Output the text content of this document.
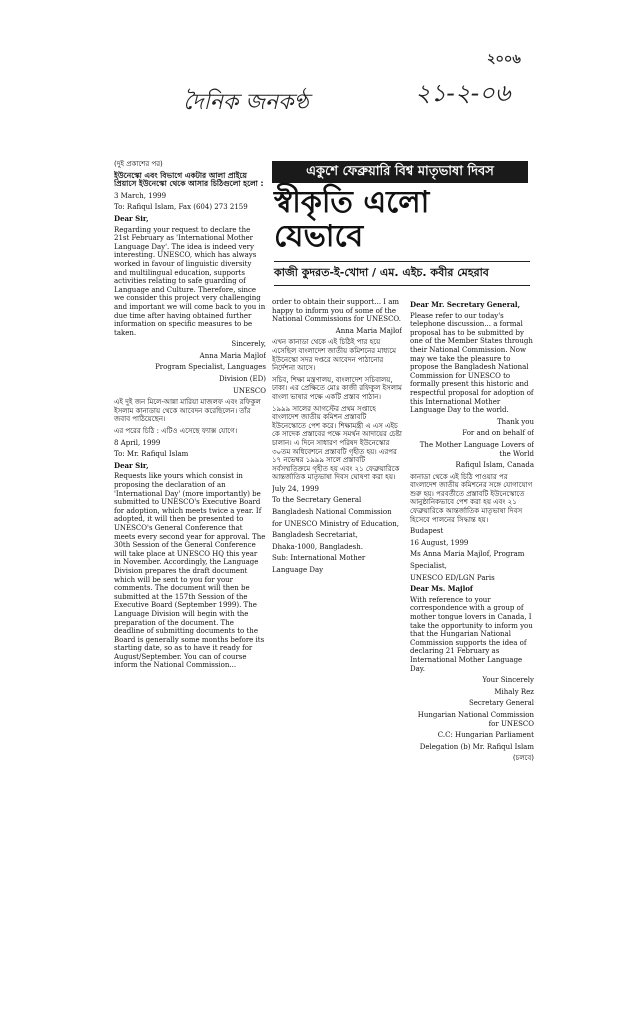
২০০৬
দৈনিক জনকণ্ঠ	২১-২-০৬

(দুই প্রকাশের পর)

ইউনেস্কো এবং বিভাগে একটার আলা প্রাইয়ে প্রিয়াসে ইউনেস্কো থেকে আসার চিঠিগুলো হলো :

3 March, 1999

To: Rafiqul Islam, Fax (604) 273 2159

Dear Sir,

Regarding your request to declare the 21st February as 'International Mother Language Day'. The idea is indeed very interesting. UNESCO, which has always worked in favour of linguistic diversity and multilingual education, supports activities relating to safe guarding of Language and Culture. Therefore, since we consider this project very challenging and important we will come back to you in due time after having obtained further information on specific measures to be taken.

Sincerely,

Anna Maria Majlof

Program Specialist, Languages

Division (ED)

UNESCO

এই দুই জন মিলে-আন্না মারিয়া মাজলফ এবং রফিকুল ইসলাম কানাডায় থেকে আবেদন করেছিলেন। তাঁর জবাব পাঠিয়েছেন।

এর পরের চিঠি : এটিও এসেছে ফ্যাক্স যোগে।

8 April, 1999

To: Mr. Rafiqul Islam

Dear Sir,

Requests like yours which consist in proposing the declaration of an 'International Day' (more importantly) be submitted to UNESCO's Executive Board for adoption, which meets twice a year. If adopted, it will then be presented to UNESCO's General Conference that meets every second year for approval. The 30th Session of the General Conference will take place at UNESCO HQ this year in November. Accordingly, the Language Division prepares the draft document which will be sent to you for your comments. The document will then be submitted at the 157th Session of the Executive Board (September 1999). The Language Division will begin with the preparation of the document. The deadline of submitting documents to the Board is generally some months before its starting date, so as to have it ready for August/September. You can of course inform the National Commission...

একুশে ফেব্রুয়ারি বিশ্ব মাতৃভাষা দিবস
স্বীকৃতি এলো
যেভাবে
কাজী কুদরত-ই-খোদা / এম. এইচ. কবীর মেহরাব

order to obtain their support... I am happy to inform you of some of the National Commissions for UNESCO.

Anna Maria Majlof

এখন কানাডা থেকে এই চিঠিই পার হয়ে এসেছিল বাংলাদেশ জাতীয় কমিশনের মাধ্যমে ইউনেস্কো সদর দপ্তরে আবেদন পাঠানোর নির্দেশনা আসে।

সচিব, শিক্ষা মন্ত্রণালয়, বাংলাদেশ সচিবালয়, ঢাকা। এর প্রেক্ষিতে মোঃ কাজী রফিকুল ইসলাম বাংলা ভাষার পক্ষে একটি প্রস্তাব পাঠান।

১৯৯৯ সালের আগস্টের প্রথম সপ্তাহে বাংলাদেশ জাতীয় কমিশন প্রস্তাবটি ইউনেস্কোতে পেশ করে। শিক্ষামন্ত্রী এ এস এইচ কে সাদেক প্রস্তাবের পক্ষে সমর্থন আদায়ের চেষ্টা চালান। এ দিনে সাধারণ পরিষদ ইউনেস্কোর ৩০তম অধিবেশনে প্রস্তাবটি গৃহীত হয়। এরপর ১৭ নভেম্বর ১৯৯৯ সালে প্রস্তাবটি সর্বসম্মতিক্রমে গৃহীত হয় এবং ২১ ফেব্রুয়ারিকে আন্তর্জাতিক মাতৃভাষা দিবস ঘোষণা করা হয়।

July 24, 1999

To the Secretary General

Bangladesh National Commission

for UNESCO Ministry of Education,

Bangladesh Secretariat,

Dhaka-1000, Bangladesh.

Sub: International Mother

Language Day

Dear Mr. Secretary General,

Please refer to our today's telephone discussion... a formal proposal has to be submitted by one of the Member States through their National Commission. Now may we take the pleasure to propose the Bangladesh National Commission for UNESCO to formally present this historic and respectful proposal for adoption of this International Mother Language Day to the world.

Thank you

For and on behalf of

The Mother Language Lovers of the World

Rafiqul Islam, Canada

কানাডা থেকে এই চিঠি পাওয়ার পর বাংলাদেশ জাতীয় কমিশনের সঙ্গে যোগাযোগ শুরু হয়। পরবর্তীতে প্রস্তাবটি ইউনেস্কোতে আনুষ্ঠানিকভাবে পেশ করা হয় এবং ২১ ফেব্রুয়ারিকে আন্তর্জাতিক মাতৃভাষা দিবস হিসেবে পালনের সিদ্ধান্ত হয়।

Budapest

16 August, 1999

Ms Anna Maria Majlof, Program

Specialist,

UNESCO ED/LGN Paris

Dear Ms. Majlof

With reference to your correspondence with a group of mother tongue lovers in Canada, I take the opportunity to inform you that the Hungarian National Commission supports the idea of declaring 21 February as International Mother Language Day.

Your Sincerely

Mihaly Rez

Secretary General

Hungarian National Commission for UNESCO

C.C: Hungarian Parliament

Delegation (b) Mr. Rafiqul Islam

(চলবে)
